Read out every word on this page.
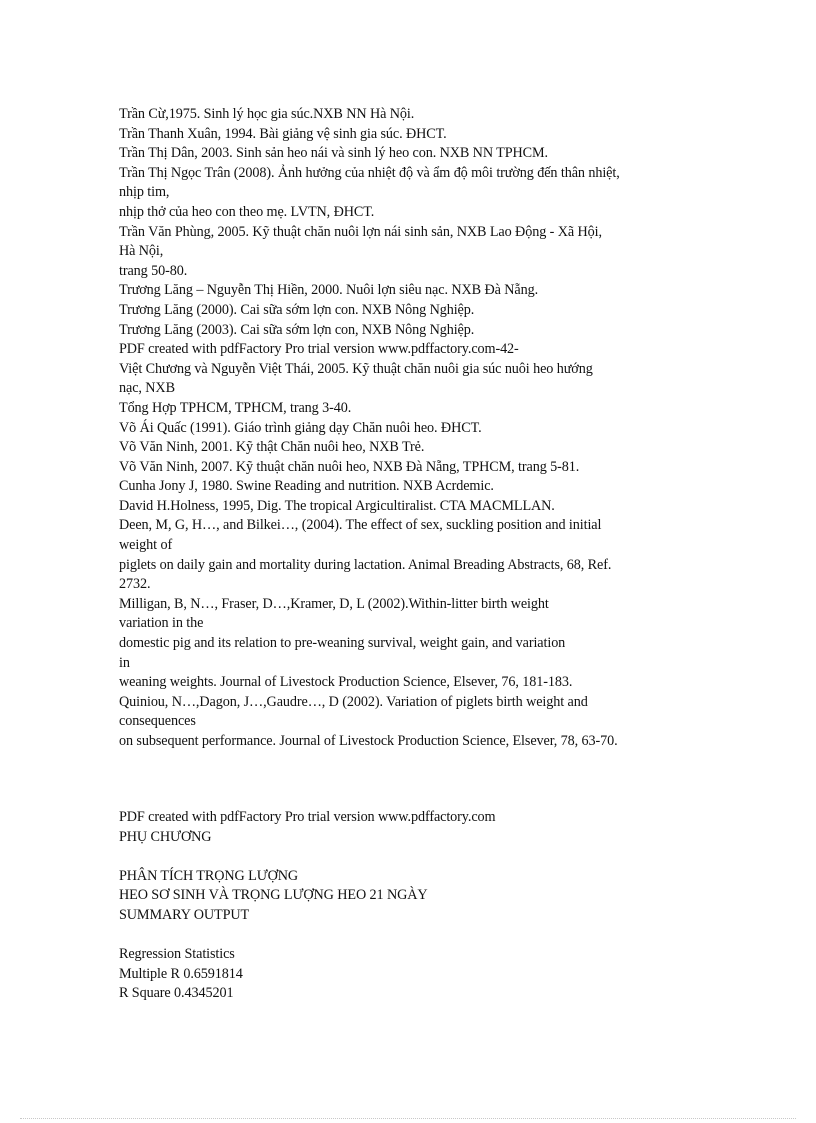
Trần Cừ,1975. Sinh lý học gia súc.NXB NN Hà Nội.
Trần Thanh Xuân, 1994. Bài giảng vệ sinh gia súc. ĐHCT.
Trần Thị Dân, 2003. Sinh sản heo nái và sinh lý heo con. NXB NN TPHCM.
Trần Thị Ngọc Trân (2008). Ảnh hưởng của nhiệt độ và ẩm độ môi trường đến thân nhiệt,
nhịp tim,
nhịp thở của heo con theo mẹ. LVTN, ĐHCT.
Trần Văn Phùng, 2005. Kỹ thuật chăn nuôi lợn nái sinh sản, NXB Lao Động - Xã Hội,
Hà Nội,
trang 50-80.
Trương Lăng – Nguyễn Thị Hiền, 2000. Nuôi lợn siêu nạc. NXB Đà Nẵng.
Trương Lăng (2000). Cai sữa sớm lợn con. NXB Nông Nghiệp.
Trương Lăng (2003). Cai sữa sớm lợn con, NXB Nông Nghiệp.
PDF created with pdfFactory Pro trial version www.pdffactory.com-42-
Việt Chương và Nguyễn Việt Thái, 2005. Kỹ thuật chăn nuôi gia súc nuôi heo hướng
nạc, NXB
Tổng Hợp TPHCM, TPHCM, trang 3-40.
Võ Ái Quấc (1991). Giáo trình giảng dạy Chăn nuôi heo. ĐHCT.
Võ Văn Ninh, 2001. Kỹ thật Chăn nuôi heo, NXB Trẻ.
Võ Văn Ninh, 2007. Kỹ thuật chăn nuôi heo, NXB Đà Nẵng, TPHCM, trang 5-81.
Cunha Jony J, 1980. Swine Reading and nutrition. NXB Acrdemic.
David H.Holness, 1995, Dig. The tropical Argicultiralist. CTA MACMLLAN.
Deen, M, G, H…, and Bilkei…, (2004). The effect of sex, suckling position and initial
weight of
piglets on daily gain and mortality during lactation. Animal Breading Abstracts, 68, Ref.
2732.
Milligan, B, N…, Fraser, D…,Kramer, D, L (2002).Within-litter birth weight
variation in the
domestic pig and its relation to pre-weaning survival, weight gain, and variation
in
weaning weights. Journal of Livestock Production Science, Elsever, 76, 181-183.
Quiniou, N…,Dagon, J…,Gaudre…, D (2002). Variation of piglets birth weight and
consequences
on subsequent performance. Journal of Livestock Production Science, Elsever, 78, 63-70.
PDF created with pdfFactory Pro trial version www.pdffactory.com
PHỤ CHƯƠNG
PHÂN TÍCH TRỌNG LƯỢNG
HEO SƠ SINH VÀ TRỌNG LƯỢNG HEO 21 NGÀY
SUMMARY OUTPUT
Regression Statistics
Multiple R 0.6591814
R Square 0.4345201
